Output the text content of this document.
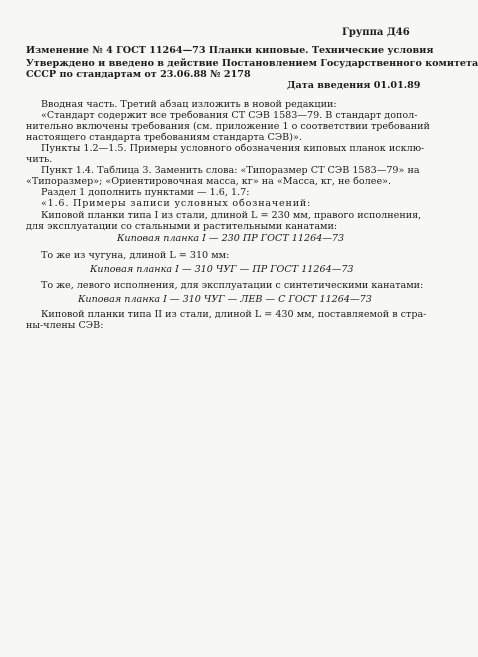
Группа Д46
Изменение № 4 ГОСТ 11264—73 Планки киповые. Технические условия
Утверждено и введено в действие Постановлением Государственного комитета
СССР по стандартам от 23.06.88 № 2178
Дата введения 01.01.89
Вводная часть. Третий абзац изложить в новой редакции:
«Стандарт содержит все требования СТ СЭВ 1583—79. В стандарт допол-
нительно включены требования (см. приложение 1 о соответствии требований
настоящего стандарта требованиям стандарта СЭВ)».
Пункты 1.2—1.5. Примеры условного обозначения киповых планок исклю-
чить.
Пункт 1.4. Таблица 3. Заменить слова: «Типоразмер СТ СЭВ 1583—79» на
«Типоразмер»; «Ориентировочная масса, кг» на «Масса, кг, не более».
Раздел 1 дополнить пунктами — 1.6, 1.7:
«1.6. Примеры записи условных обозначений:
Киповой планки типа I из стали, длиной L = 230 мм, правого исполнения,
для эксплуатации со стальными и растительными канатами:
Киповая планка I — 230 ПР ГОСТ 11264—73
То же из чугуна, длиной L = 310 мм:
Киповая планка I — 310 ЧУГ — ПР ГОСТ 11264—73
То же, левого исполнения, для эксплуатации с синтетическими канатами:
Киповая планка I — 310 ЧУГ — ЛЕВ — С ГОСТ 11264—73
Киповой планки типа II из стали, длиной L = 430 мм, поставляемой в стра-
ны-члены СЭВ:
